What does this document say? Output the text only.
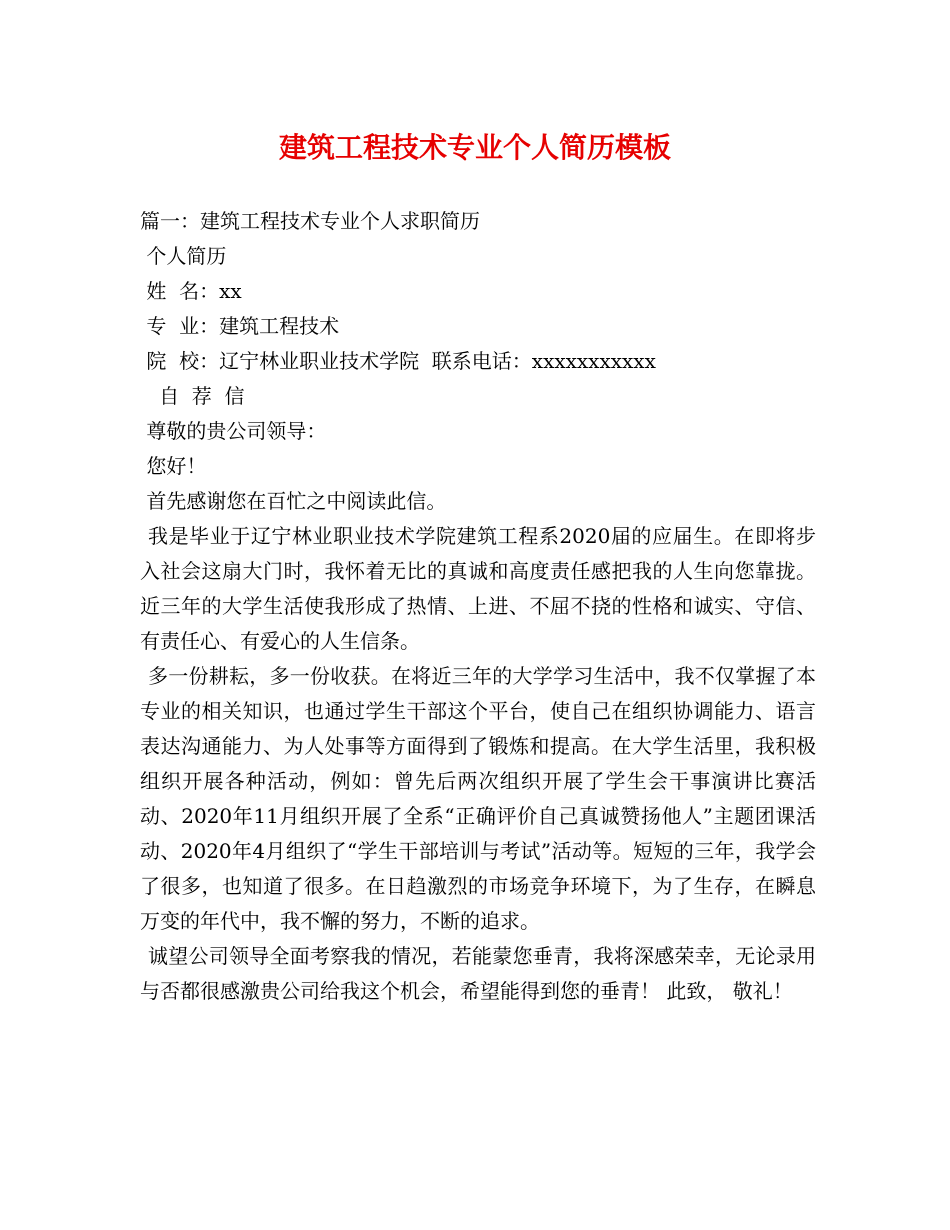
建筑工程技术专业个人简历模板

篇一：建筑工程技术专业个人求职简历

个人简历

姓  名：xx

专  业：建筑工程技术

院  校：辽宁林业职业技术学院  联系电话：xxxxxxxxxxx

自  荐  信

尊敬的贵公司领导：

您好！

首先感谢您在百忙之中阅读此信。

我是毕业于辽宁林业职业技术学院建筑工程系2020届的应届生。在即将步入社会这扇大门时，我怀着无比的真诚和高度责任感把我的人生向您靠拢。近三年的大学生活使我形成了热情、上进、不屈不挠的性格和诚实、守信、有责任心、有爱心的人生信条。

多一份耕耘，多一份收获。在将近三年的大学学习生活中，我不仅掌握了本专业的相关知识，也通过学生干部这个平台，使自己在组织协调能力、语言表达沟通能力、为人处事等方面得到了锻炼和提高。在大学生活里，我积极组织开展各种活动，例如：曾先后两次组织开展了学生会干事演讲比赛活动、2020年11月组织开展了全系“正确评价自己真诚赞扬他人”主题团课活动、2020年4月组织了“学生干部培训与考试”活动等。短短的三年，我学会了很多，也知道了很多。在日趋激烈的市场竞争环境下，为了生存，在瞬息万变的年代中，我不懈的努力，不断的追求。

诚望公司领导全面考察我的情况，若能蒙您垂青，我将深感荣幸，无论录用与否都很感激贵公司给我这个机会，希望能得到您的垂青！ 此致， 敬礼！
